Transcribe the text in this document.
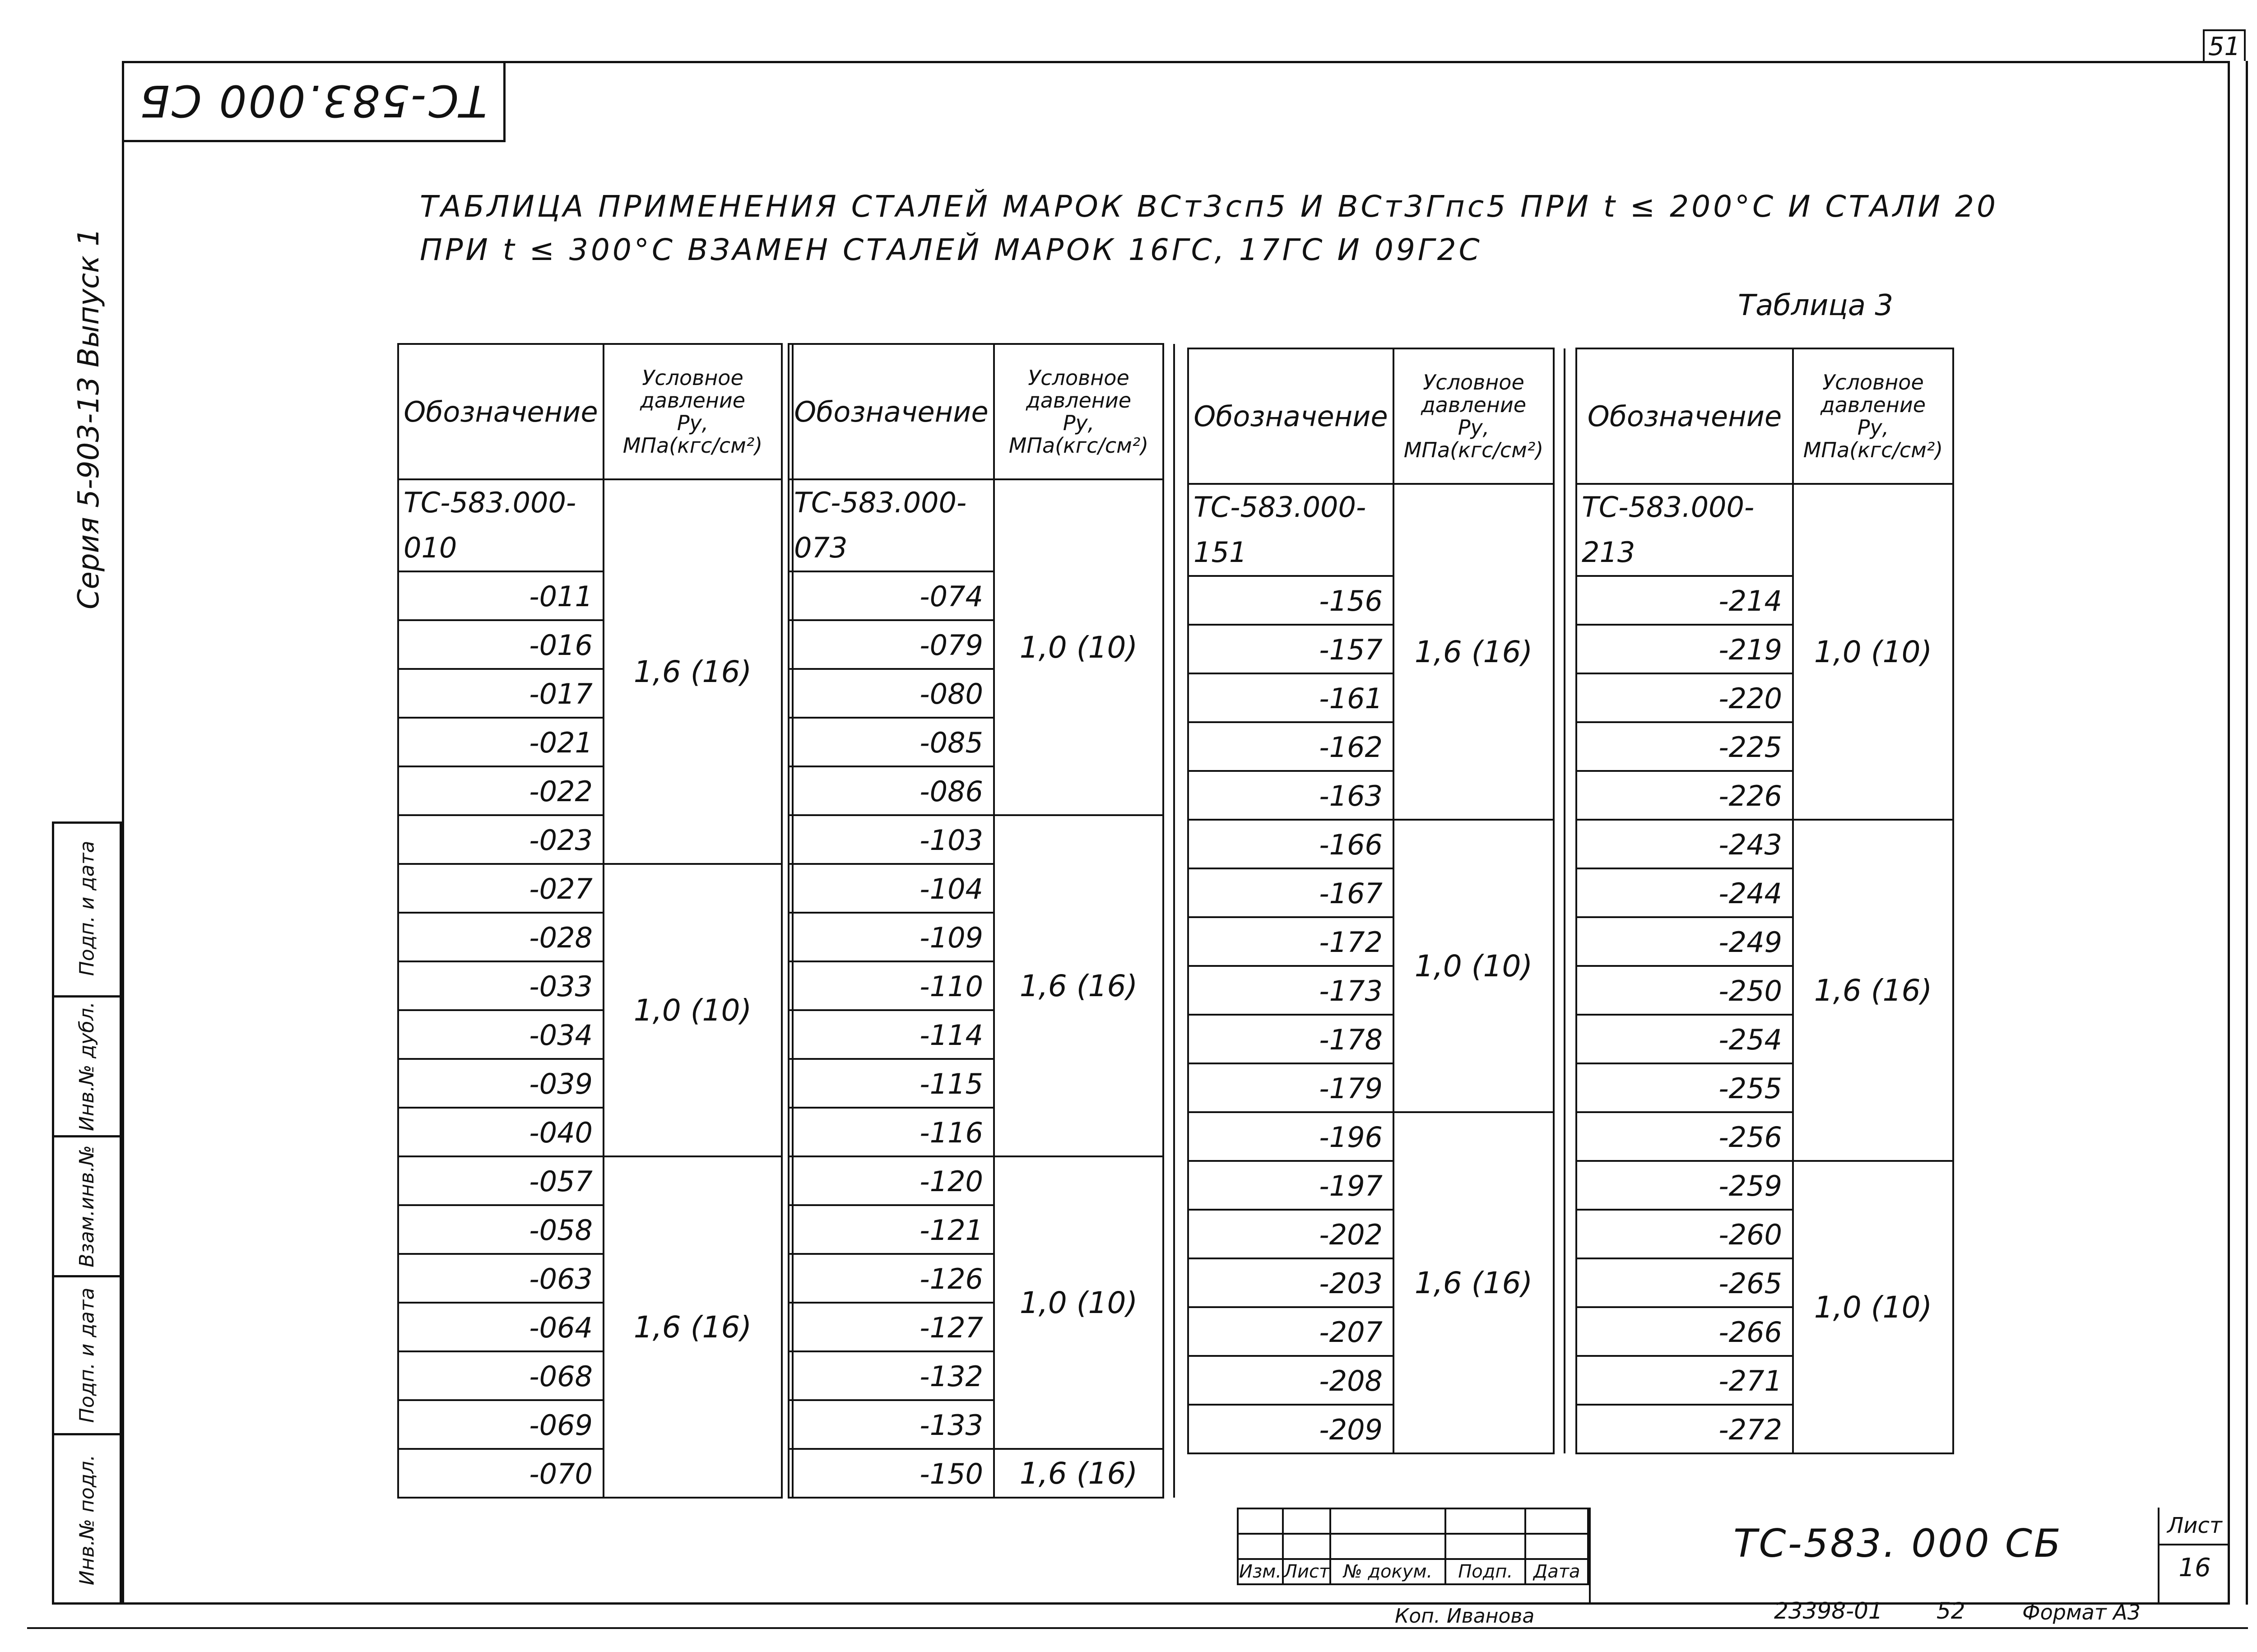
51
ТС-583.000 СБ
ТАБЛИЦА ПРИМЕНЕНИЯ СТАЛЕЙ МАРОК ВСт3сп5 И ВСт3Гпс5 ПРИ t ≤ 200°С И СТАЛИ 20
ПРИ t ≤ 300°С ВЗАМЕН СТАЛЕЙ МАРОК 16ГС, 17ГС И 09Г2С
Таблица 3
Обозначение	Условное
давление
Ру,
МПа(кгс/см²)	

ТС-583.000-010	1,6 (16)	
-011		
-016		
-017		
-021		
-022		
-023		
-027	1,0 (10)	
-028		
-033		
-034		
-039		
-040		
-057	1,6 (16)	
-058		
-063		
-064		
-068		
-069		
-070		
Обозначение	Условное
давление
Ру,
МПа(кгс/см²)	

ТС-583.000-073	1,0 (10)	
-074		
-079		
-080		
-085		
-086		
-103	1,6 (16)	
-104		
-109		
-110		
-114		
-115		
-116		
-120	1,0 (10)	
-121		
-126		
-127		
-132		
-133		
-150	1,6 (16)	
Обозначение	Условное
давление
Ру,
МПа(кгс/см²)	

ТС-583.000-151	1,6 (16)	
-156		
-157		
-161		
-162		
-163		
-166	1,0 (10)	
-167		
-172		
-173		
-178		
-179		
-196	1,6 (16)	
-197		
-202		
-203		
-207		
-208		
-209		
Обозначение	Условное
давление
Ру,
МПа(кгс/см²)

ТС-583.000-213	1,0 (10)
-214	
-219	
-220	
-225	
-226	
-243	1,6 (16)
-244	
-249	
-250	
-254	
-255	
-256	
-259	1,0 (10)
-260	
-265	
-266	
-271	
-272	
Серия 5-903-13 Выпуск 1
Подп. и дата
Инв.№ дубл.
Взам.инв.№
Подп. и дата
Инв.№ подл.

					Изм.	Лист	№ докум.	Подп.	Дата
ТС-583. 000 СБ	Лист
16
Коп. Иванова	23398-01 52	Формат А3
